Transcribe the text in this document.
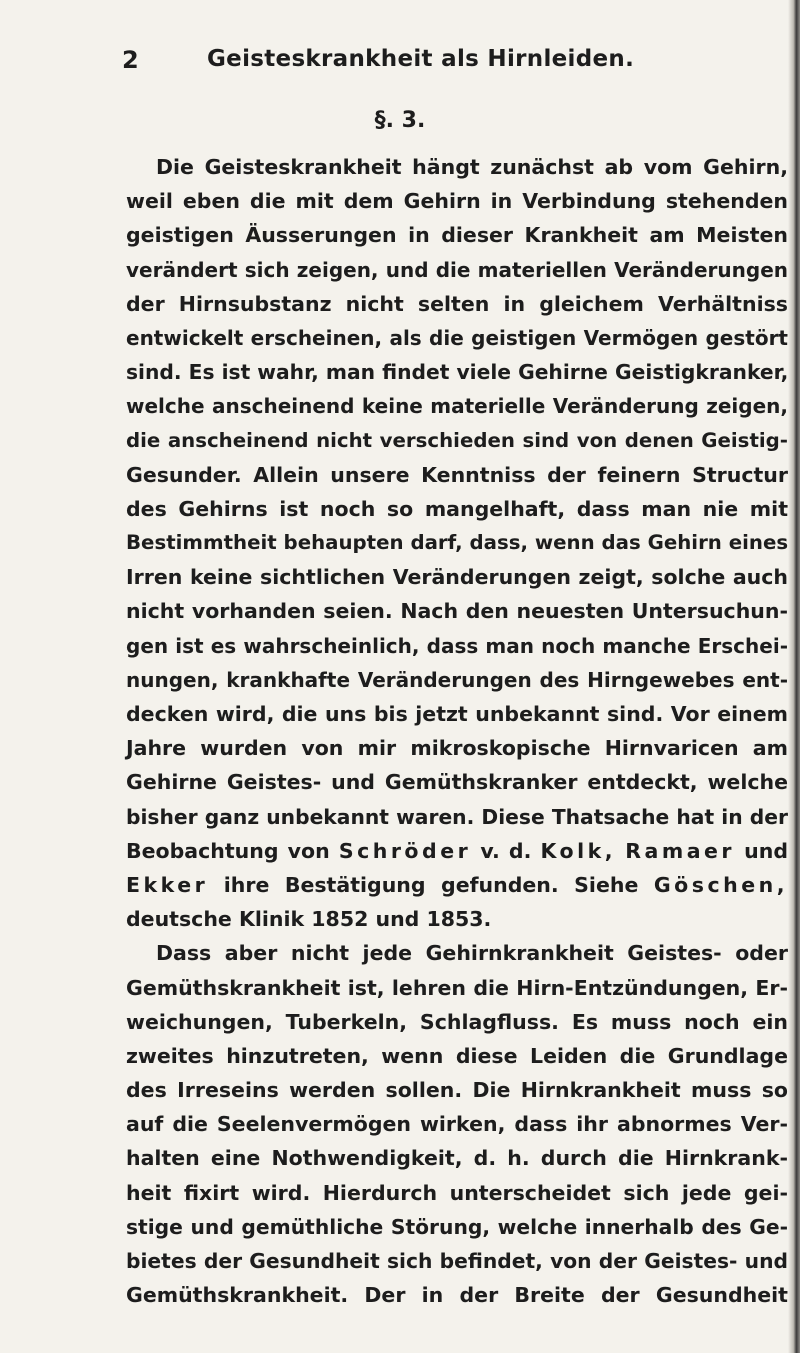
2	Geisteskrankheit als Hirnleiden.
§. 3.
Die Geisteskrankheit hängt zunächst ab vom Gehirn,
weil eben die mit dem Gehirn in Verbindung stehenden
geistigen Äusserungen in dieser Krankheit am Meisten
verändert sich zeigen, und die materiellen Veränderungen
der Hirnsubstanz nicht selten in gleichem Verhältniss
entwickelt erscheinen, als die geistigen Vermögen gestört
sind. Es ist wahr, man findet viele Gehirne Geistigkranker,
welche anscheinend keine materielle Veränderung zeigen,
die anscheinend nicht verschieden sind von denen Geistig-
Gesunder. Allein unsere Kenntniss der feinern Structur
des Gehirns ist noch so mangelhaft, dass man nie mit
Bestimmtheit behaupten darf, dass, wenn das Gehirn eines
Irren keine sichtlichen Veränderungen zeigt, solche auch
nicht vorhanden seien. Nach den neuesten Untersuchun-
gen ist es wahrscheinlich, dass man noch manche Erschei-
nungen, krankhafte Veränderungen des Hirngewebes ent-
decken wird, die uns bis jetzt unbekannt sind. Vor einem
Jahre wurden von mir mikroskopische Hirnvaricen am
Gehirne Geistes- und Gemüthskranker entdeckt, welche
bisher ganz unbekannt waren. Diese Thatsache hat in der
Beobachtung von Schröder v. d. Kolk, Ramaer und
Ekker ihre Bestätigung gefunden. Siehe Göschen,
deutsche Klinik 1852 und 1853.
Dass aber nicht jede Gehirnkrankheit Geistes- oder
Gemüthskrankheit ist, lehren die Hirn-Entzündungen, Er-
weichungen, Tuberkeln, Schlagfluss. Es muss noch ein
zweites hinzutreten, wenn diese Leiden die Grundlage
des Irreseins werden sollen. Die Hirnkrankheit muss so
auf die Seelenvermögen wirken, dass ihr abnormes Ver-
halten eine Nothwendigkeit, d. h. durch die Hirnkrank-
heit fixirt wird. Hierdurch unterscheidet sich jede gei-
stige und gemüthliche Störung, welche innerhalb des Ge-
bietes der Gesundheit sich befindet, von der Geistes- und
Gemüthskrankheit. Der in der Breite der Gesundheit
